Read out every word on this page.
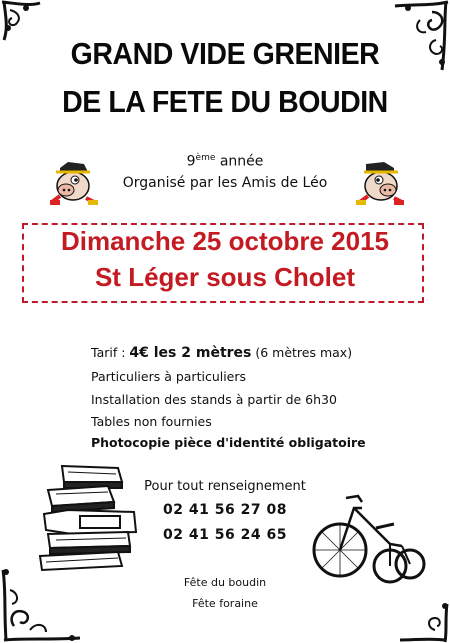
GRAND VIDE GRENIER
DE LA FETE DU BOUDIN
9ème année
Organisé par les Amis de Léo
Dimanche 25 octobre 2015
St Léger sous Cholet
Tarif : 4€ les 2 mètres (6 mètres max)
Particuliers à particuliers
Installation des stands à partir de 6h30
Tables non fournies
Photocopie pièce d'identité obligatoire
Pour tout renseignement
02 41 56 27 08
02 41 56 24 65
Fête du boudin
Fête foraine
